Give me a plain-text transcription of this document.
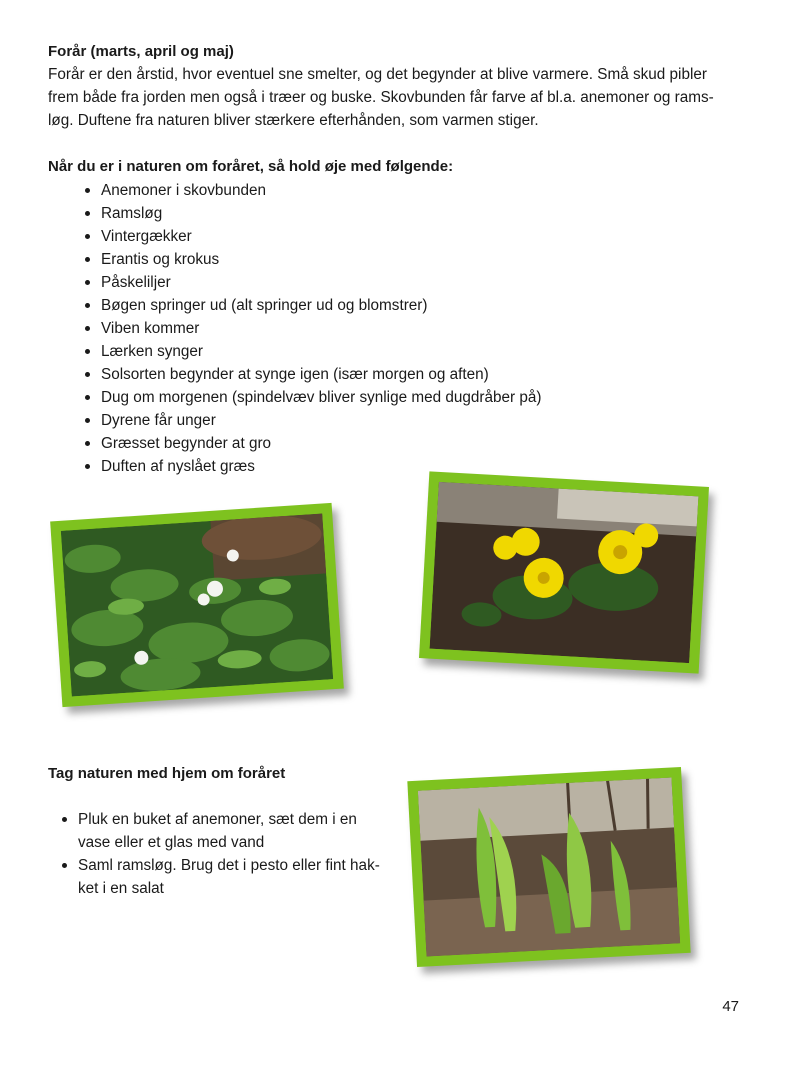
Forår (marts, april og maj)
Forår er den årstid, hvor eventuel sne smelter, og det begynder at blive varmere. Små skud pibler
frem både fra jorden men også i træer og buske. Skovbunden får farve af bl.a. anemoner og rams-
løg. Duftene fra naturen bliver stærkere efterhånden, som varmen stiger.
Når du er i naturen om foråret, så hold øje med følgende:
Anemoner i skovbunden
Ramsløg
Vintergækker
Erantis og krokus
Påskeliljer
Bøgen springer ud (alt springer ud og blomstrer)
Viben kommer
Lærken synger
Solsorten begynder at synge igen (især morgen og aften)
Dug om morgenen (spindelvæv bliver synlige med dugdråber på)
Dyrene får unger
Græsset begynder at gro
Duften af nyslået græs
Tag naturen med hjem om foråret
Pluk en buket af anemoner, sæt dem i en
vase eller et glas med vand
Saml ramsløg. Brug det i pesto eller fint hak-
ket i en salat
47
